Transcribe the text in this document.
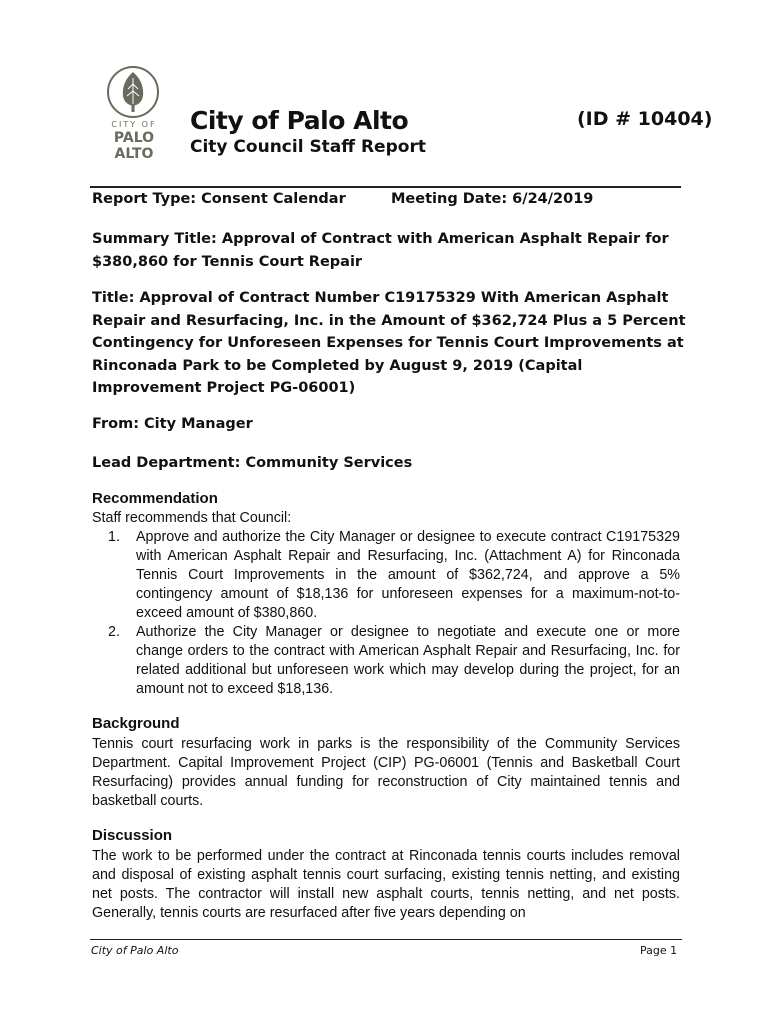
CITY OF
PALO
ALTO
City of Palo Alto
City Council Staff Report
(ID # 10404)
Report Type: Consent Calendar	Meeting Date: 6/24/2019
Summary Title: Approval of Contract with American Asphalt Repair for $380,860 for Tennis Court Repair
Title: Approval of Contract Number C19175329 With American Asphalt Repair and Resurfacing, Inc. in the Amount of $362,724 Plus a 5 Percent Contingency for Unforeseen Expenses for Tennis Court Improvements at Rinconada Park to be Completed by August 9, 2019 (Capital Improvement Project PG-06001)
From: City Manager
Lead Department: Community Services
Recommendation
Staff recommends that Council:
1. Approve and authorize the City Manager or designee to execute contract C19175329 with American Asphalt Repair and Resurfacing, Inc. (Attachment A) for Rinconada Tennis Court Improvements in the amount of $362,724, and approve a 5% contingency amount of $18,136 for unforeseen expenses for a maximum-not-to-exceed amount of $380,860.
2. Authorize the City Manager or designee to negotiate and execute one or more change orders to the contract with American Asphalt Repair and Resurfacing, Inc. for related additional but unforeseen work which may develop during the project, for an amount not to exceed $18,136.
Background
Tennis court resurfacing work in parks is the responsibility of the Community Services Department. Capital Improvement Project (CIP) PG-06001 (Tennis and Basketball Court Resurfacing) provides annual funding for reconstruction of City maintained tennis and basketball courts.
Discussion
The work to be performed under the contract at Rinconada tennis courts includes removal and disposal of existing asphalt tennis court surfacing, existing tennis netting, and existing net posts. The contractor will install new asphalt courts, tennis netting, and net posts. Generally, tennis courts are resurfaced after five years depending on
City of Palo Alto	Page 1
